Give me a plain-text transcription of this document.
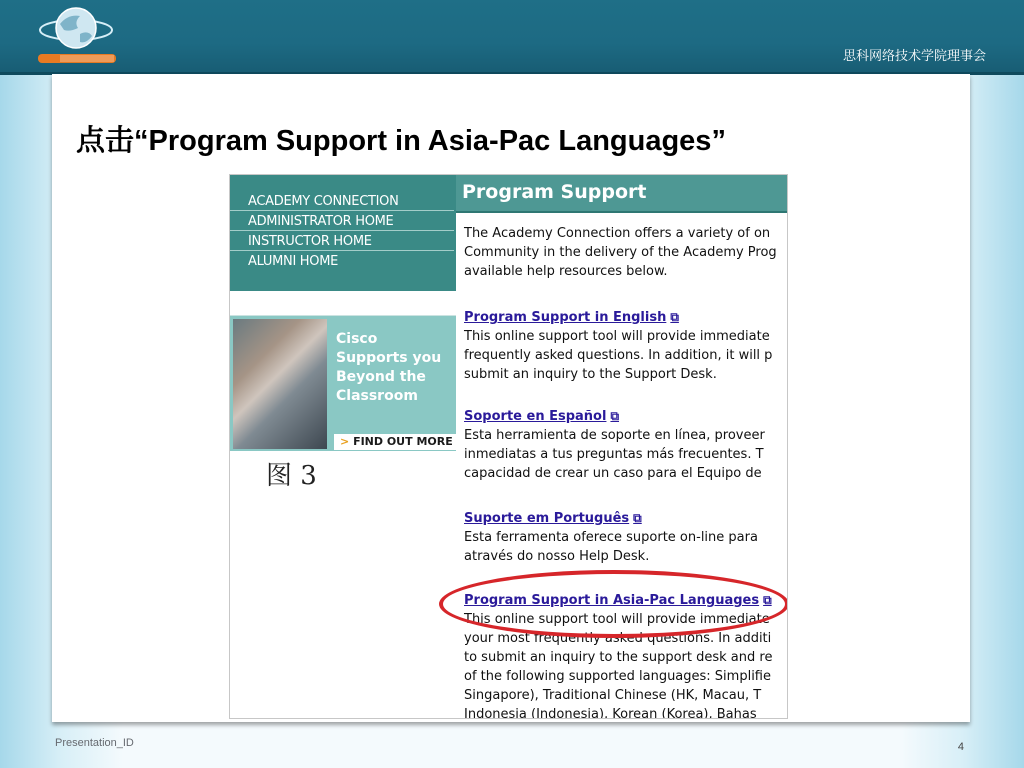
思科网络技术学院理事会
点击“Program Support in Asia-Pac Languages”
ACADEMY CONNECTION
ADMINISTRATOR HOME
INSTRUCTOR HOME
ALUMNI HOME
Program Support
The Academy Connection offers a variety of on
Community in the delivery of the Academy Prog
available help resources below.
Cisco
Supports you
Beyond the
Classroom
> FIND OUT MORE
图 3
Program Support in English ⧉
This online support tool will provide immediate
frequently asked questions. In addition, it will p
submit an inquiry to the Support Desk.
Soporte en Español ⧉
Esta herramienta de soporte en línea, proveer
inmediatas a tus preguntas más frecuentes. T
capacidad de crear un caso para el Equipo de
Suporte em Português ⧉
Esta ferramenta oferece suporte on-line para
através do nosso Help Desk.
Program Support in Asia-Pac Languages ⧉
This online support tool will provide immediate
your most frequently asked questions. In additi
to submit an inquiry to the support desk and re
of the following supported languages: Simplifie
Singapore), Traditional Chinese (HK, Macau, T
Indonesia (Indonesia), Korean (Korea), Bahas
Presentation_ID	4
